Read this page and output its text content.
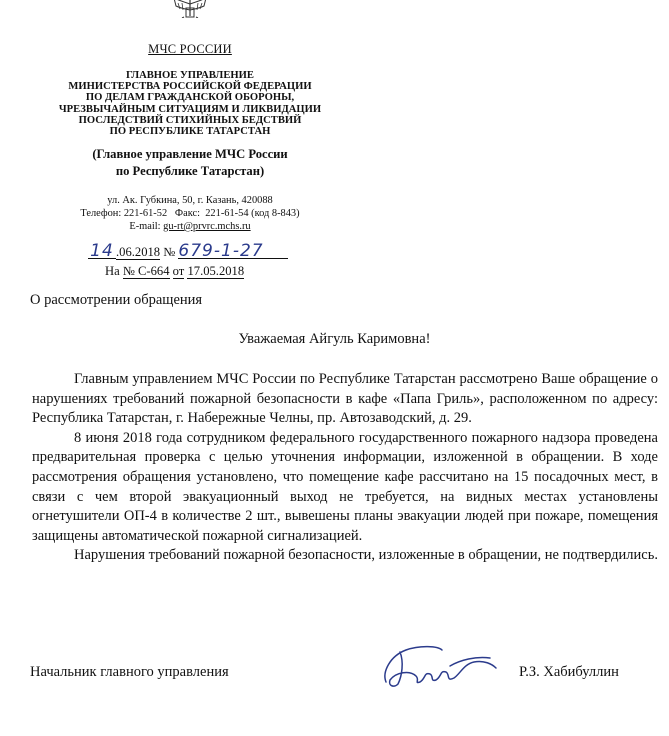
МЧС РОССИИ
ГЛАВНОЕ УПРАВЛЕНИЕ
МИНИСТЕРСТВА РОССИЙСКОЙ ФЕДЕРАЦИИ
ПО ДЕЛАМ ГРАЖДАНСКОЙ ОБОРОНЫ,
ЧРЕЗВЫЧАЙНЫМ СИТУАЦИЯМ И ЛИКВИДАЦИИ
ПОСЛЕДСТВИЙ СТИХИЙНЫХ БЕДСТВИЙ
ПО РЕСПУБЛИКЕ ТАТАРСТАН
(Главное управление МЧС России
по Республике Татарстан)
ул. Ак. Губкина, 50, г. Казань, 420088
Телефон: 221-61-52   Факс:  221-61-54 (код 8-843)
E-mail: gu-rt@prvrc.mchs.ru
14 .06.2018 № 679-1-27
На № С-664 от 17.05.2018
О рассмотрении обращения
Уважаемая Айгуль Каримовна!

Главным управлением МЧС России по Республике Татарстан рассмотрено Ваше обращение о нарушениях требований пожарной безопасности в кафе «Папа Гриль», расположенном по адресу: Республика Татарстан, г. Набережные Челны, пр. Автозаводский, д. 29.

8 июня 2018 года сотрудником федерального государственного пожарного надзора проведена предварительная проверка с целью уточнения информации, изложенной в обращении. В ходе рассмотрения обращения установлено, что помещение кафе рассчитано на 15 посадочных мест, в связи с чем второй эвакуационный выход не требуется, на видных местах установлены огнетушители ОП-4 в количестве 2 шт., вывешены планы эвакуации людей при пожаре, помещения защищены автоматической пожарной сигнализацией.

Нарушения требований пожарной безопасности, изложенные в обращении, не подтвердились.

Начальник главного управления	Р.З. Хабибуллин
